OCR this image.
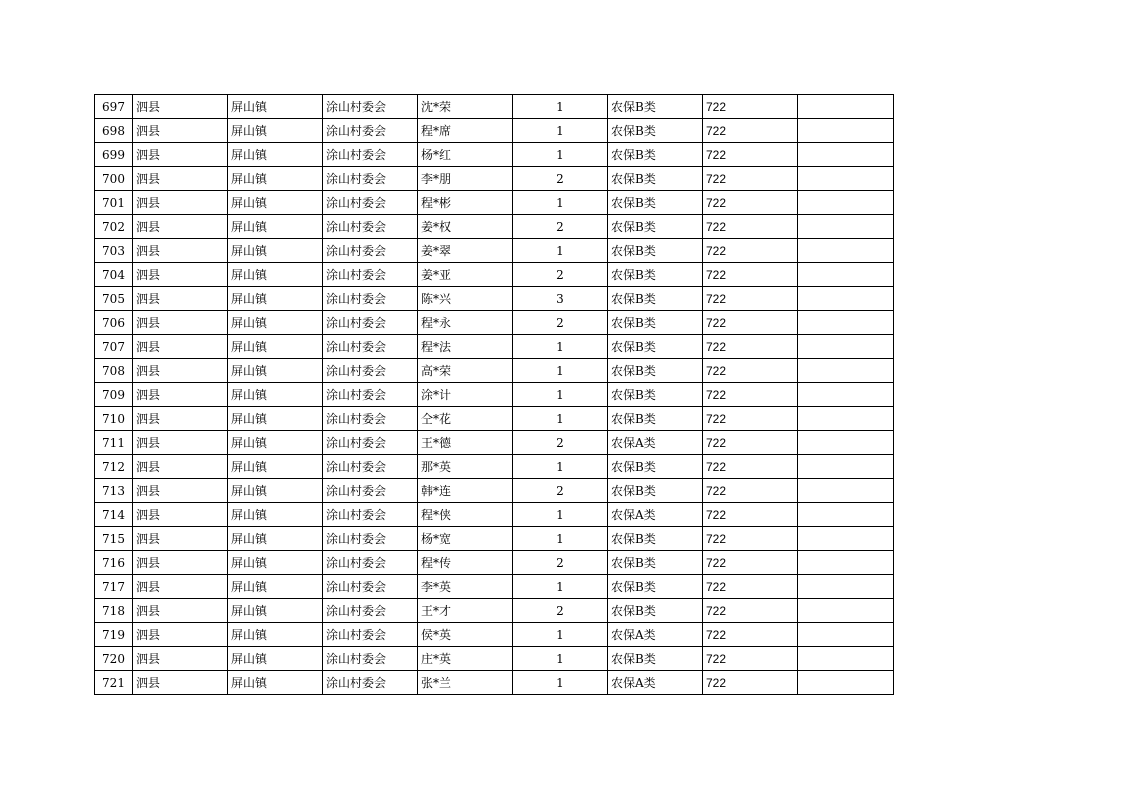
697	泗县	屏山镇	涂山村委会	沈*荣	1	农保B类	722	
698	泗县	屏山镇	涂山村委会	程*席	1	农保B类	722	
699	泗县	屏山镇	涂山村委会	杨*红	1	农保B类	722	
700	泗县	屏山镇	涂山村委会	李*朋	2	农保B类	722	
701	泗县	屏山镇	涂山村委会	程*彬	1	农保B类	722	
702	泗县	屏山镇	涂山村委会	姜*权	2	农保B类	722	
703	泗县	屏山镇	涂山村委会	姜*翠	1	农保B类	722	
704	泗县	屏山镇	涂山村委会	姜*亚	2	农保B类	722	
705	泗县	屏山镇	涂山村委会	陈*兴	3	农保B类	722	
706	泗县	屏山镇	涂山村委会	程*永	2	农保B类	722	
707	泗县	屏山镇	涂山村委会	程*法	1	农保B类	722	
708	泗县	屏山镇	涂山村委会	高*荣	1	农保B类	722	
709	泗县	屏山镇	涂山村委会	涂*计	1	农保B类	722	
710	泗县	屏山镇	涂山村委会	仝*花	1	农保B类	722	
711	泗县	屏山镇	涂山村委会	王*德	2	农保A类	722	
712	泗县	屏山镇	涂山村委会	那*英	1	农保B类	722	
713	泗县	屏山镇	涂山村委会	韩*连	2	农保B类	722	
714	泗县	屏山镇	涂山村委会	程*侠	1	农保A类	722	
715	泗县	屏山镇	涂山村委会	杨*宽	1	农保B类	722	
716	泗县	屏山镇	涂山村委会	程*传	2	农保B类	722	
717	泗县	屏山镇	涂山村委会	李*英	1	农保B类	722	
718	泗县	屏山镇	涂山村委会	王*才	2	农保B类	722	
719	泗县	屏山镇	涂山村委会	侯*英	1	农保A类	722	
720	泗县	屏山镇	涂山村委会	庄*英	1	农保B类	722	
721	泗县	屏山镇	涂山村委会	张*兰	1	农保A类	722	
